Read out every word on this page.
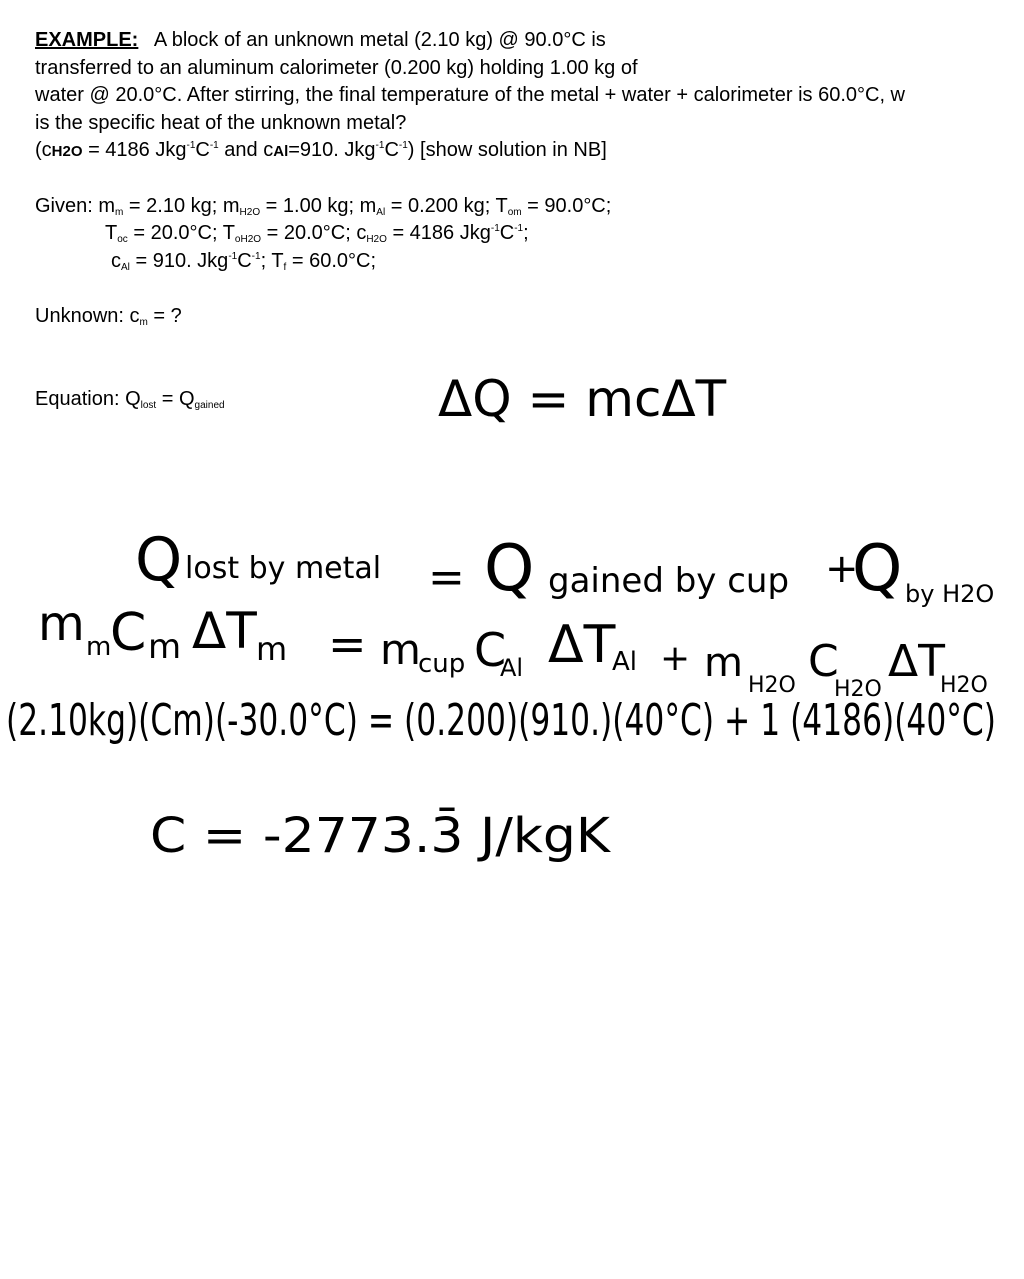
EXAMPLE: A block of an unknown metal (2.10 kg) @ 90.0°C is
transferred to an aluminum calorimeter (0.200 kg) holding 1.00 kg of
water @ 20.0°C. After stirring, the final temperature of the metal + water + calorimeter is 60.0°C, w
is the specific heat of the unknown metal?
(cH2O = 4186 $Jkg^{-1}C^{-1}$ and cAl=910. $Jkg^{-1}C^{-1}$) [show solution in NB]
Given: $m_m = 2.10$ kg; $m_{H2O} = 1.00$ kg; $m_{Al} = 0.200$ kg; $T_{om} = 90.0^\circ C$;
$T_{oc} = 20.0^\circ C$; $T_{oH2O} = 20.0^\circ C$; $c_{H2O} = 4186$ $Jkg^{-1}C^{-1}$;
$c_{Al} = 910$. $Jkg^{-1}C^{-1}$; $T_f = 60.0^\circ C$;
Unknown: $c_m$ = ?
Equation: $Q_{lost} = Q_{gained}$	ΔQ = mcΔT
Q lost by metal = Q gained by cup +
Q by H2O
m m
C m ΔT m = m
cup C
Al ΔT
Al + m H2O C
H2O
ΔT
H2O
(2.10kg)(Cm)(-30.0°C) = (0.200)(910.)(40°C) + 1 (4186)(40°C)
C = -2773.3̄ J/kgK
